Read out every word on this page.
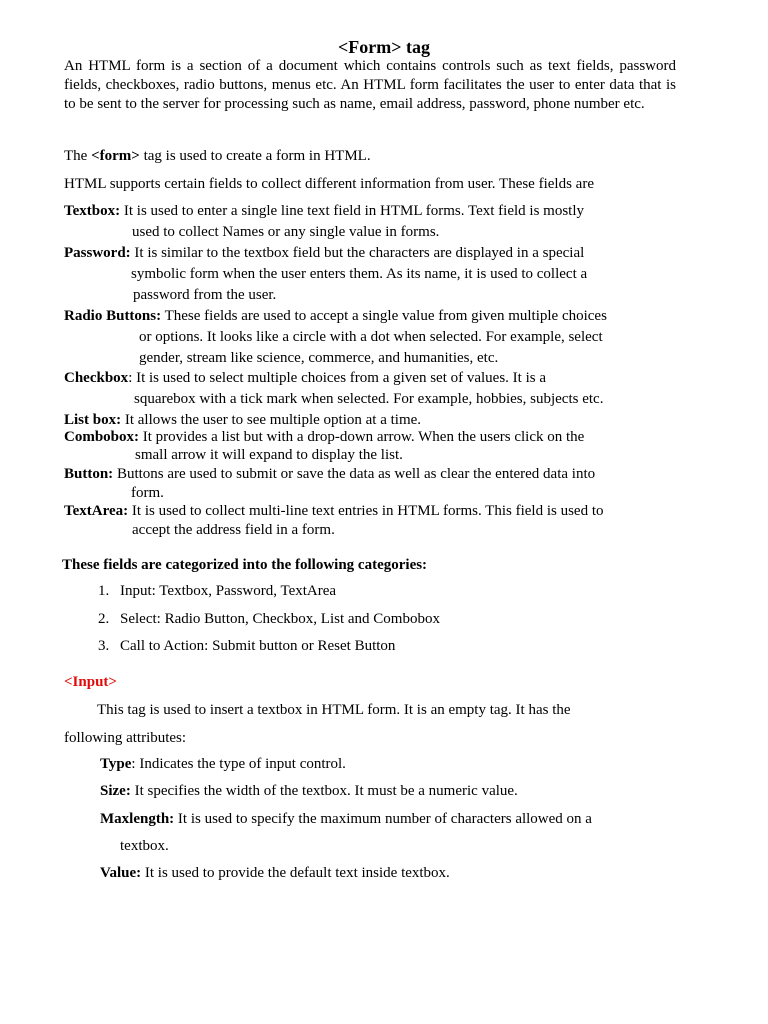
<Form> tag
An HTML form is a section of a document which contains controls such as text fields, password fields, checkboxes, radio buttons, menus etc. An HTML form facilitates the user to enter data that is to be sent to the server for processing such as name, email address, password, phone number etc.
The <form> tag is used to create a form in HTML.
HTML supports certain fields to collect different information from user. These fields are
Textbox: It is used to enter a single line text field in HTML forms. Text field is mostly
used to collect Names or any single value in forms.
Password: It is similar to the textbox field but the characters are displayed in a special
symbolic form when the user enters them. As its name, it is used to collect a
password from the user.
Radio Buttons: These fields are used to accept a single value from given multiple choices
or options. It looks like a circle with a dot when selected. For example, select
gender, stream like science, commerce, and humanities, etc.
Checkbox: It is used to select multiple choices from a given set of values. It is a
squarebox with a tick mark when selected. For example, hobbies, subjects etc.
List box: It allows the user to see multiple option at a time.
Combobox: It provides a list but with a drop-down arrow. When the users click on the
small arrow it will expand to display the list.
Button: Buttons are used to submit or save the data as well as clear the entered data into
form.
TextArea: It is used to collect multi-line text entries in HTML forms. This field is used to
accept the address field in a form.
These fields are categorized into the following categories:
1. Input: Textbox, Password, TextArea
2. Select: Radio Button, Checkbox, List and Combobox
3. Call to Action: Submit button or Reset Button
<Input>
This tag is used to insert a textbox in HTML form. It is an empty tag. It has the
following attributes:
Type: Indicates the type of input control.
Size: It specifies the width of the textbox. It must be a numeric value.
Maxlength: It is used to specify the maximum number of characters allowed on a
textbox.
Value: It is used to provide the default text inside textbox.
